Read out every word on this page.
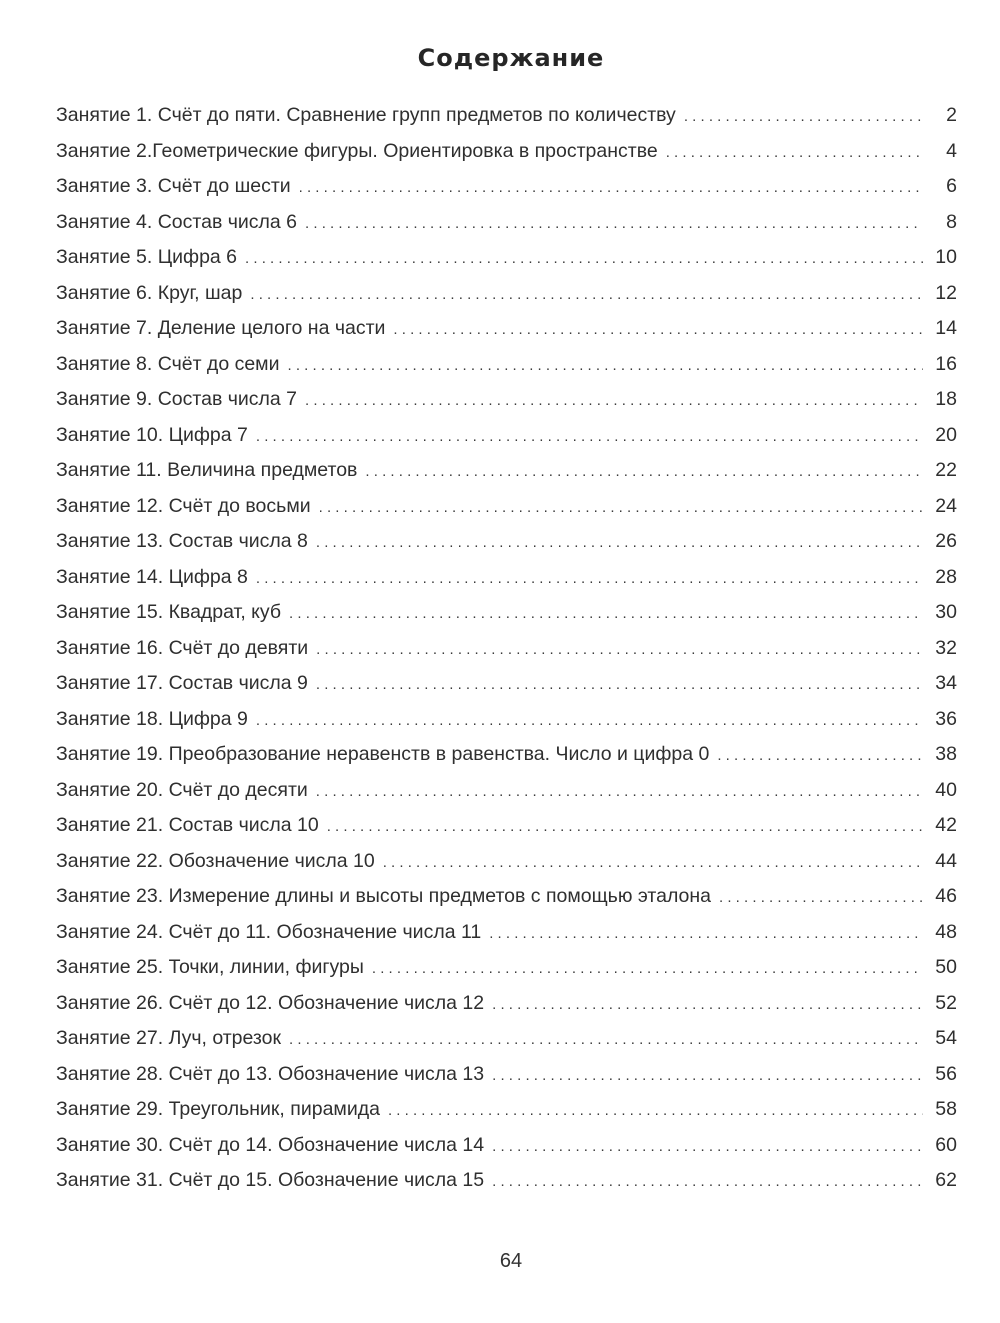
Содержание
Занятие 1. Счёт до пяти. Сравнение групп предметов по количеству . . .	2
Занятие 2.Геометрические фигуры. Ориентировка в пространстве . . .	4
Занятие 3. Счёт до шести . . .	6
Занятие 4. Состав числа 6 . . .	8
Занятие 5. Цифра 6 . . .	10
Занятие 6. Круг, шар . . .	12
Занятие 7. Деление целого на части . . .	14
Занятие 8. Счёт до семи . . .	16
Занятие 9. Состав числа 7 . . .	18
Занятие 10. Цифра 7 . . .	20
Занятие 11. Величина предметов . . .	22
Занятие 12. Счёт до восьми . . .	24
Занятие 13. Состав числа 8 . . .	26
Занятие 14. Цифра 8 . . .	28
Занятие 15. Квадрат, куб . . .	30
Занятие 16. Счёт до девяти . . .	32
Занятие 17. Состав числа 9 . . .	34
Занятие 18. Цифра 9 . . .	36
Занятие 19. Преобразование неравенств в равенства. Число и цифра 0 . . .	38
Занятие 20. Счёт до десяти . . .	40
Занятие 21. Состав числа 10 . . .	42
Занятие 22. Обозначение числа 10 . . .	44
Занятие 23. Измерение длины и высоты предметов с помощью эталона . . .	46
Занятие 24. Счёт до 11. Обозначение числа 11 . . .	48
Занятие 25. Точки, линии, фигуры . . .	50
Занятие 26. Счёт до 12. Обозначение числа 12 . . .	52
Занятие 27. Луч, отрезок . . .	54
Занятие 28. Счёт до 13. Обозначение числа 13 . . .	56
Занятие 29. Треугольник, пирамида . . .	58
Занятие 30. Счёт до 14. Обозначение числа 14 . . .	60
Занятие 31. Счёт до 15. Обозначение числа 15 . . .	62
64
